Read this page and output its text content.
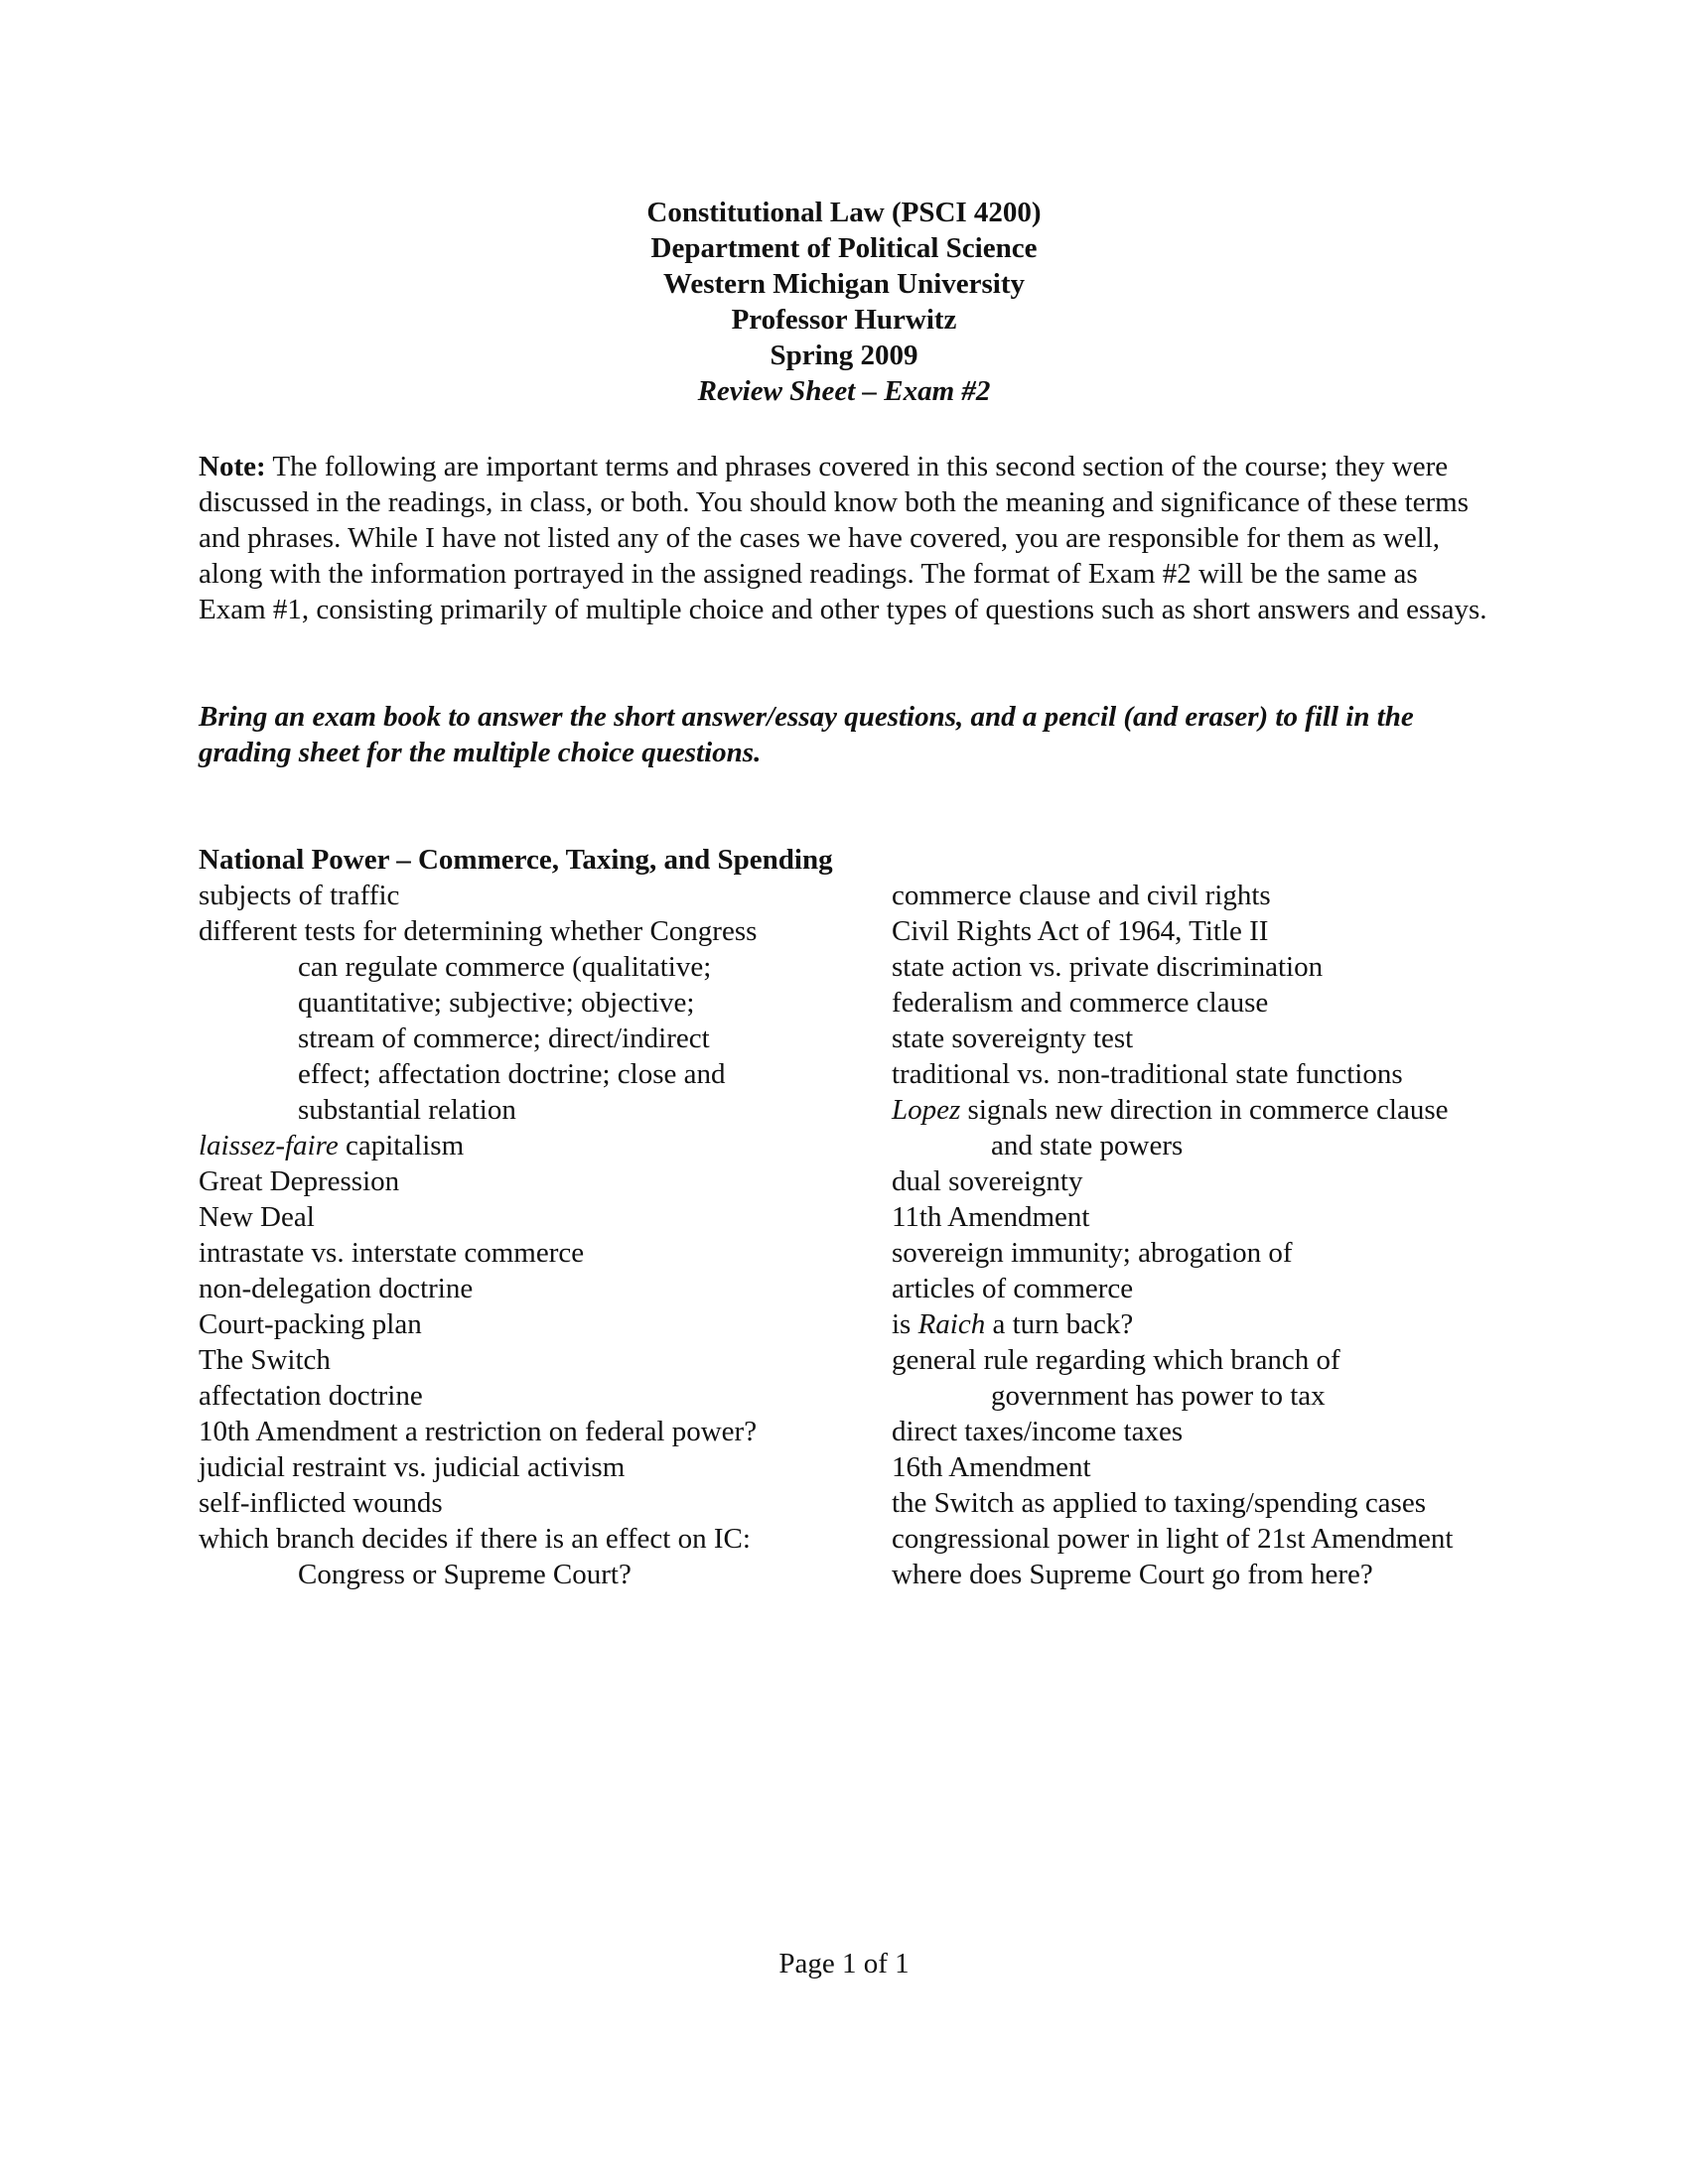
Constitutional Law (PSCI 4200)
Department of Political Science
Western Michigan University
Professor Hurwitz
Spring 2009
Review Sheet – Exam #2
Note: The following are important terms and phrases covered in this second section of the course; they were discussed in the readings, in class, or both. You should know both the meaning and significance of these terms and phrases. While I have not listed any of the cases we have covered, you are responsible for them as well, along with the information portrayed in the assigned readings. The format of Exam #2 will be the same as Exam #1, consisting primarily of multiple choice and other types of questions such as short answers and essays.
Bring an exam book to answer the short answer/essay questions, and a pencil (and eraser) to fill in the grading sheet for the multiple choice questions.
National Power – Commerce, Taxing, and Spending
subjects of traffic
different tests for determining whether Congress
can regulate commerce (qualitative;
quantitative; subjective; objective;
stream of commerce; direct/indirect
effect; affectation doctrine; close and
substantial relation
laissez-faire capitalism
Great Depression
New Deal
intrastate vs. interstate commerce
non-delegation doctrine
Court-packing plan
The Switch
affectation doctrine
10th Amendment a restriction on federal power?
judicial restraint vs. judicial activism
self-inflicted wounds
which branch decides if there is an effect on IC:
Congress or Supreme Court?
commerce clause and civil rights
Civil Rights Act of 1964, Title II
state action vs. private discrimination
federalism and commerce clause
state sovereignty test
traditional vs. non-traditional state functions
Lopez signals new direction in commerce clause
and state powers
dual sovereignty
11th Amendment
sovereign immunity; abrogation of
articles of commerce
is Raich a turn back?
general rule regarding which branch of
government has power to tax
direct taxes/income taxes
16th Amendment
the Switch as applied to taxing/spending cases
congressional power in light of 21st Amendment
where does Supreme Court go from here?
Page 1 of 1
